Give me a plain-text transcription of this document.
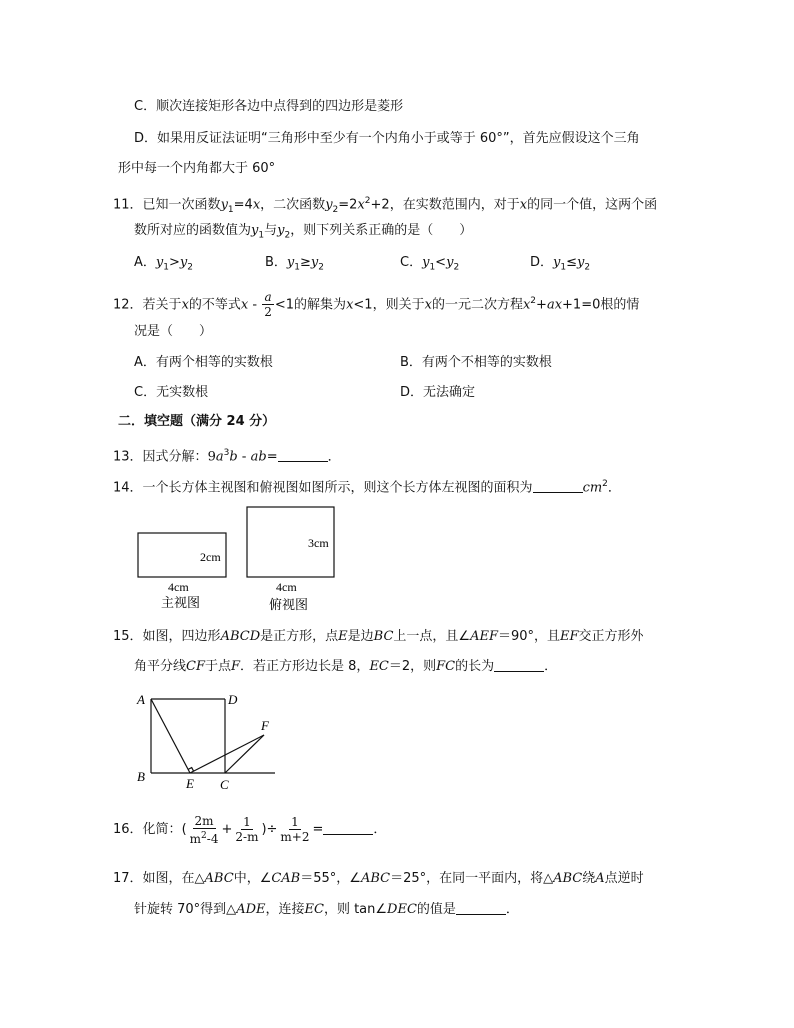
C．顺次连接矩形各边中点得到的四边形是菱形
D．如果用反证法证明“三角形中至少有一个内角小于或等于 60°”，首先应假设这个三角
形中每一个内角都大于 60°
11．已知一次函数$y_1=4x$，二次函数$y_2=2x^2+2$，在实数范围内，对于x的同一个值，这两个函
数所对应的函数值为$y_1$与$y_2$，则下列关系正确的是（　　）
A．$y_1>y_2$	B．$y_1\ge y_2$	C．$y_1<y_2$	D．$y_1\le y_2$
12．若关于x的不等式$x - \frac{a}{2} <1$的解集为x<1，则关于x的一元二次方程$x^2+ax+1=0$根的情
况是（　　）
A．有两个相等的实数根	B．有两个不相等的实数根
C．无实数根	D．无法确定
二．填空题（满分 24 分）
13．因式分解：$9a^3b - ab=$	．
14．一个长方体主视图和俯视图如图所示，则这个长方体左视图的面积为	$cm^2$．
2cm
4cm
主视图
3cm
4cm
俯视图
15．如图，四边形ABCD是正方形，点E是边BC上一点，且∠AEF＝90°，且EF交正方形外
角平分线CF于点F．若正方形边长是 8，EC＝2，则FC的长为	．
A	D
F
B	E C
16．化简：( $\frac{2m}{m^2-4} + \frac{1}{2-m}$ )÷ $\frac{1}{m+2}$ =	．
17．如图，在△ABC中，∠CAB＝55°，∠ABC＝25°，在同一平面内，将△ABC绕A点逆时
针旋转 70°得到△ADE，连接EC，则 tan∠DEC的值是	．
